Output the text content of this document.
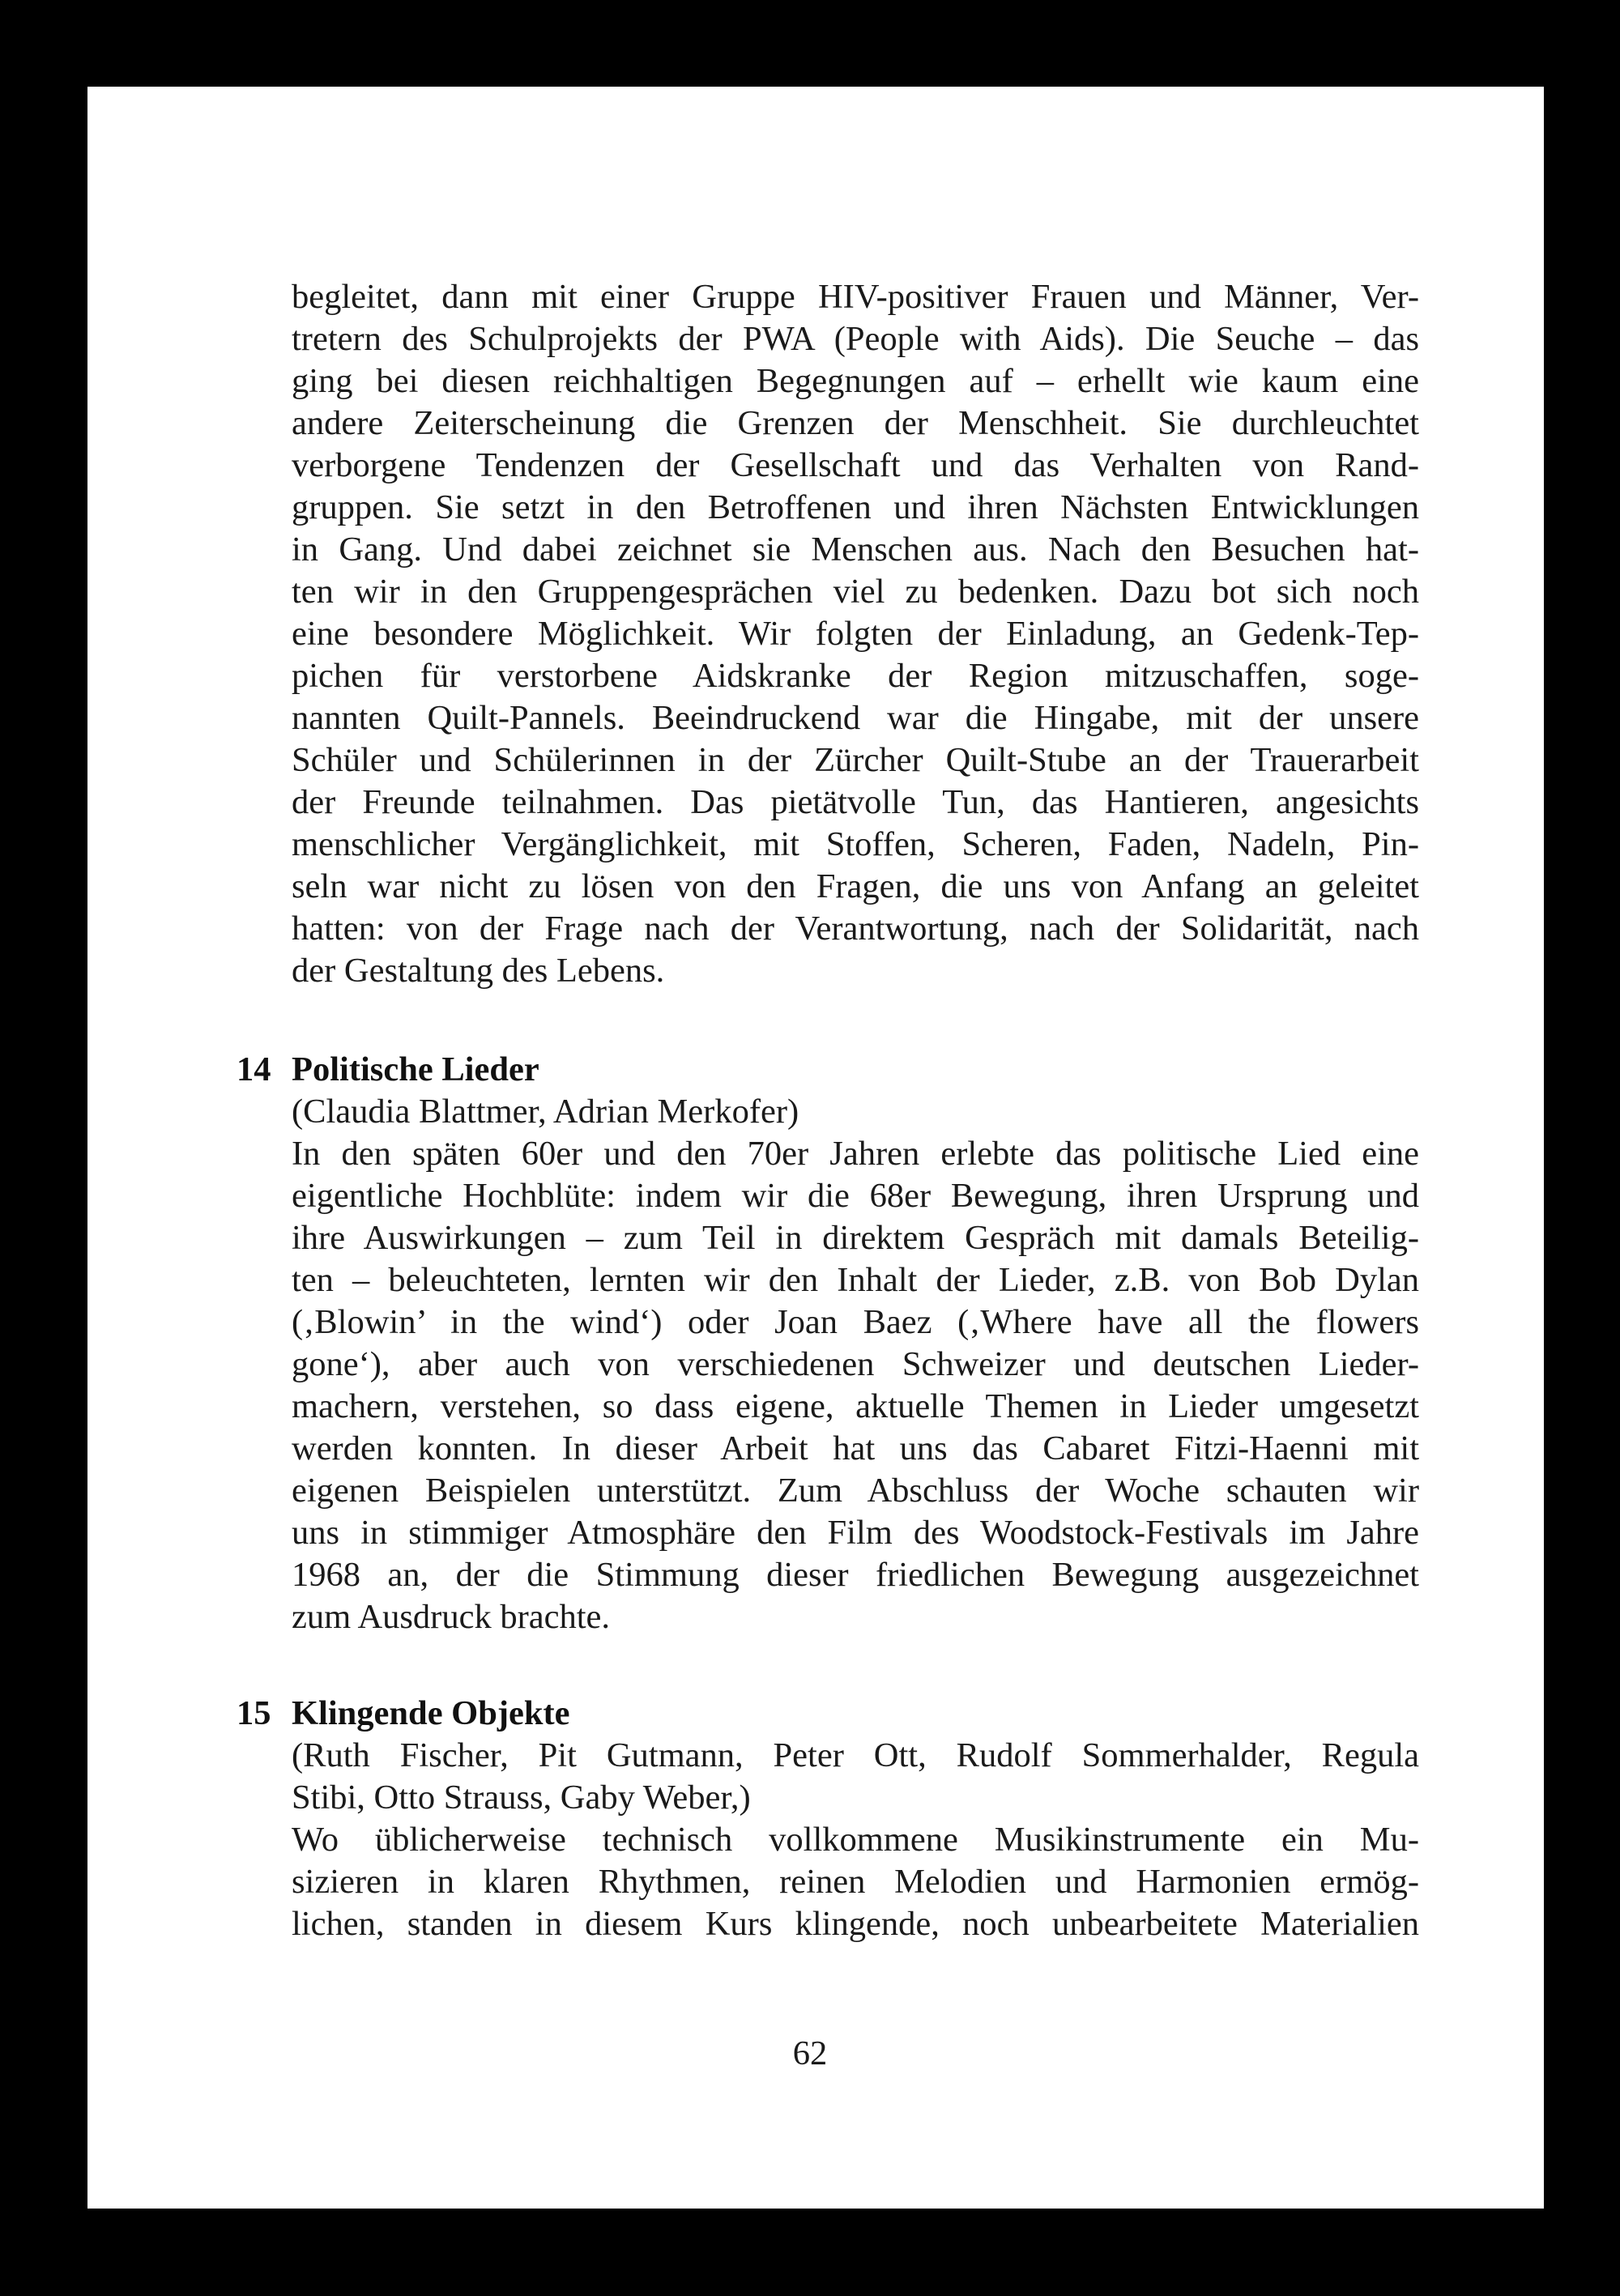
begleitet, dann mit einer Gruppe HIV-positiver Frauen und Männer, Ver-
tretern des Schulprojekts der PWA (People with Aids). Die Seuche – das
ging bei diesen reichhaltigen Begegnungen auf – erhellt wie kaum eine
andere Zeiterscheinung die Grenzen der Menschheit. Sie durchleuchtet
verborgene Tendenzen der Gesellschaft und das Verhalten von Rand-
gruppen. Sie setzt in den Betroffenen und ihren Nächsten Entwicklungen
in Gang. Und dabei zeichnet sie Menschen aus. Nach den Besuchen hat-
ten wir in den Gruppengesprächen viel zu bedenken. Dazu bot sich noch
eine besondere Möglichkeit. Wir folgten der Einladung, an Gedenk-Tep-
pichen für verstorbene Aidskranke der Region mitzuschaffen, soge-
nannten Quilt-Pannels. Beeindruckend war die Hingabe, mit der unsere
Schüler und Schülerinnen in der Zürcher Quilt-Stube an der Trauerarbeit
der Freunde teilnahmen. Das pietätvolle Tun, das Hantieren, angesichts
menschlicher Vergänglichkeit, mit Stoffen, Scheren, Faden, Nadeln, Pin-
seln war nicht zu lösen von den Fragen, die uns von Anfang an geleitet
hatten: von der Frage nach der Verantwortung, nach der Solidarität, nach
der Gestaltung des Lebens.
14 Politische Lieder
(Claudia Blattmer, Adrian Merkofer)
In den späten 60er und den 70er Jahren erlebte das politische Lied eine
eigentliche Hochblüte: indem wir die 68er Bewegung, ihren Ursprung und
ihre Auswirkungen – zum Teil in direktem Gespräch mit damals Beteilig-
ten – beleuchteten, lernten wir den Inhalt der Lieder, z.B. von Bob Dylan
(‚Blowin’ in the wind‘) oder Joan Baez (‚Where have all the flowers
gone‘), aber auch von verschiedenen Schweizer und deutschen Lieder-
machern, verstehen, so dass eigene, aktuelle Themen in Lieder umgesetzt
werden konnten. In dieser Arbeit hat uns das Cabaret Fitzi-Haenni mit
eigenen Beispielen unterstützt. Zum Abschluss der Woche schauten wir
uns in stimmiger Atmosphäre den Film des Woodstock-Festivals im Jahre
1968 an, der die Stimmung dieser friedlichen Bewegung ausgezeichnet
zum Ausdruck brachte.
15 Klingende Objekte
(Ruth Fischer, Pit Gutmann, Peter Ott, Rudolf Sommerhalder, Regula
Stibi, Otto Strauss, Gaby Weber,)
Wo üblicherweise technisch vollkommene Musikinstrumente ein Mu-
sizieren in klaren Rhythmen, reinen Melodien und Harmonien ermög-
lichen, standen in diesem Kurs klingende, noch unbearbeitete Materialien
62
